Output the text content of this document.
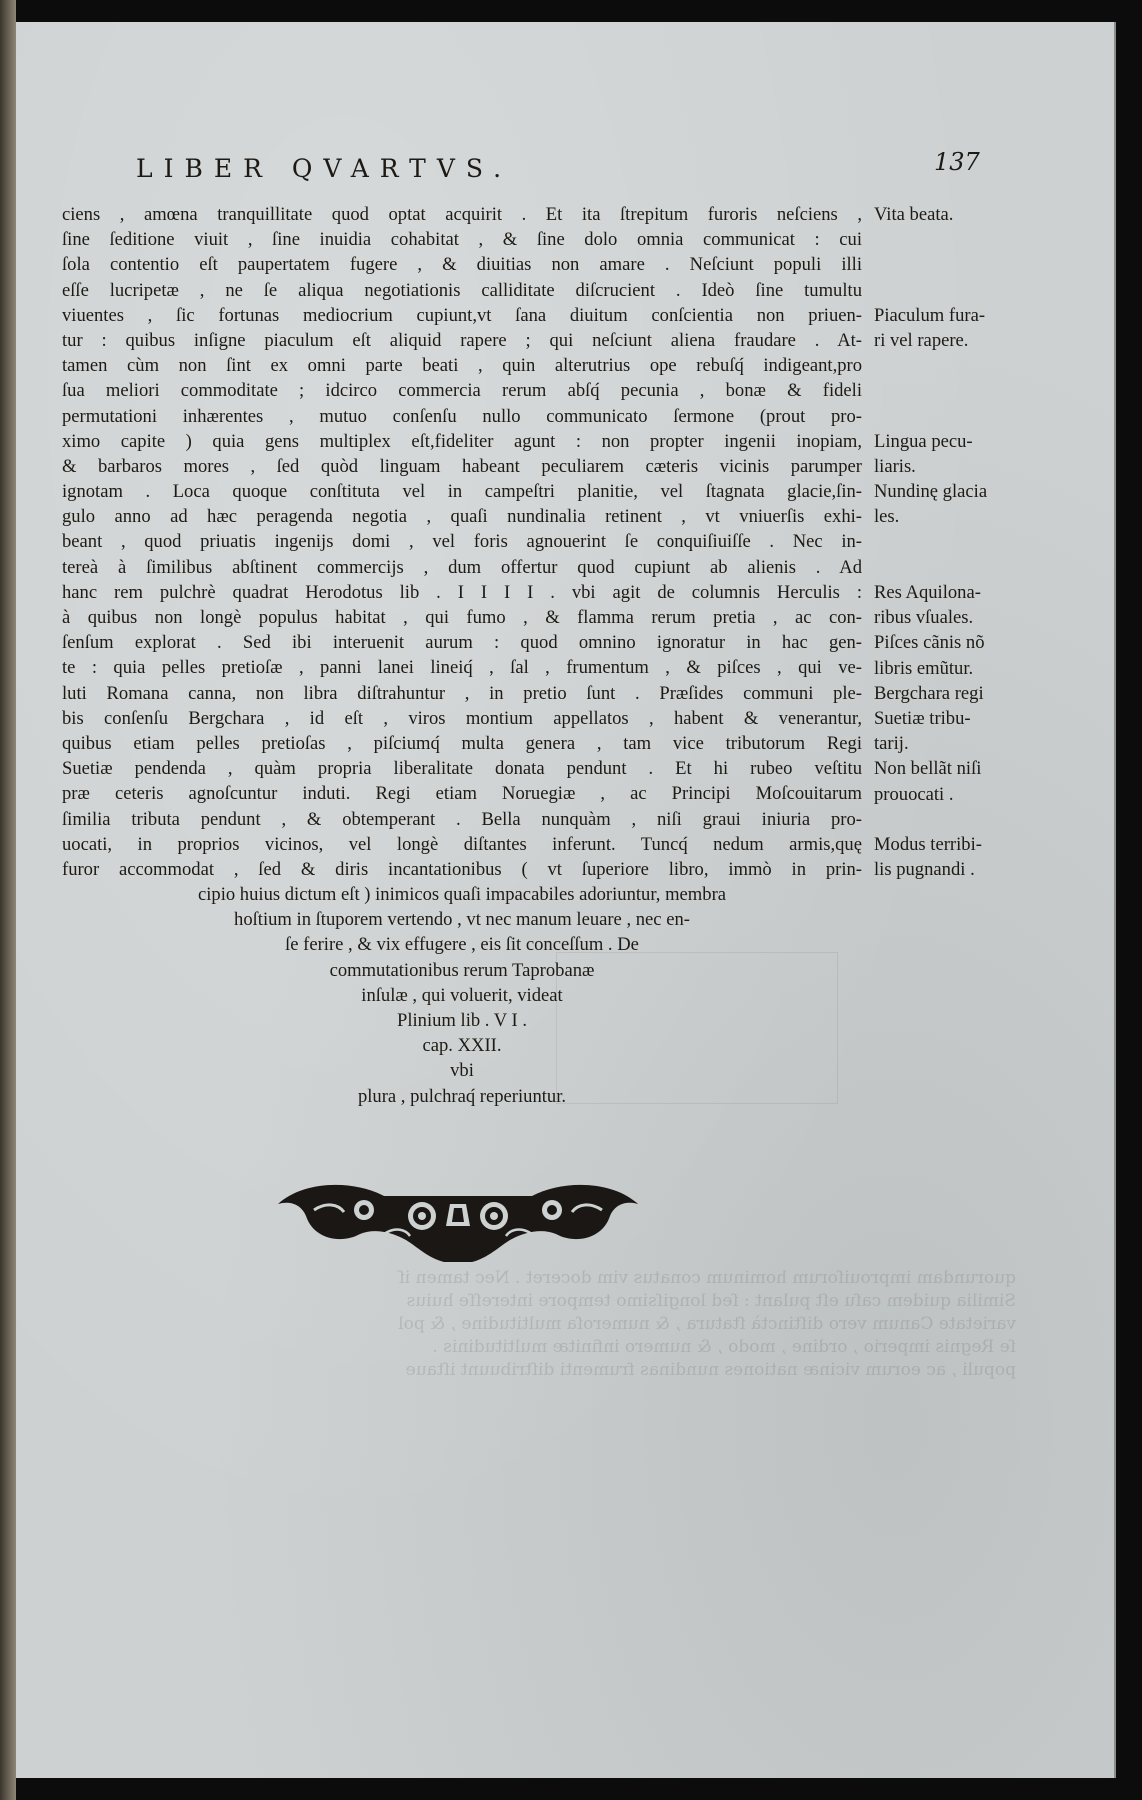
quorundam improuiſorum hominum conatus vim doceret . Nec tamen iſ
Similia quidem caſu eſt pulant : ſed longiſsimo tempore intereſſe huius
varietate Canum vero diſtinctà ſtatura , & numeroſa multitudine , & pol
ſe Regnis imperio , ordine , modo , & numero infinitæ multitudinis .
populi , ac eorum vicinæ nationes nundinas frumenti diſtribuunt iſtaue
LIBER QVARTVS.	137
ciens , amœna tranquillitate quod optat acquirit . Et ita ſtrepitum furoris neſciens ,
ſine ſeditione viuit , ſine inuidia cohabitat , & ſine dolo omnia communicat : cui
ſola contentio eſt paupertatem fugere , & diuitias non amare . Neſciunt populi illi
eſſe lucripetæ , ne ſe aliqua negotiationis calliditate diſcrucient . Ideò ſine tumultu
viuentes , ſic fortunas mediocrium cupiunt,vt ſana diuitum conſcientia non priuen-
tur : quibus inſigne piaculum eſt aliquid rapere ; qui neſciunt aliena fraudare . At-
tamen cùm non ſint ex omni parte beati , quin alterutrius ope rebuſq́ indigeant,pro
ſua meliori commoditate ; idcirco commercia rerum abſq́ pecunia , bonæ & fideli
permutationi inhærentes , mutuo conſenſu nullo communicato ſermone (prout pro-
ximo capite ) quia gens multiplex eſt,fideliter agunt : non propter ingenii inopiam,
& barbaros mores , ſed quòd linguam habeant peculiarem cæteris vicinis parumper
ignotam . Loca quoque conſtituta vel in campeſtri planitie, vel ſtagnata glacie,ſin-
gulo anno ad hæc peragenda negotia , quaſi nundinalia retinent , vt vniuerſis exhi-
beant , quod priuatis ingenijs domi , vel foris agnouerint ſe conquiſiuiſſe . Nec in-
tereà à ſimilibus abſtinent commercijs , dum offertur quod cupiunt ab alienis . Ad
hanc rem pulchrè quadrat Herodotus lib . I I I I . vbi agit de columnis Herculis :
à quibus non longè populus habitat , qui fumo , & flamma rerum pretia , ac con-
ſenſum explorat . Sed ibi interuenit aurum : quod omnino ignoratur in hac gen-
te : quia pelles pretioſæ , panni lanei lineiq́ , ſal , frumentum , & piſces , qui ve-
luti Romana canna, non libra diſtrahuntur , in pretio ſunt . Præſides communi ple-
bis conſenſu Bergchara , id eſt , viros montium appellatos , habent & venerantur,
quibus etiam pelles pretioſas , piſciumq́ multa genera , tam vice tributorum Regi
Suetiæ pendenda , quàm propria liberalitate donata pendunt . Et hi rubeo veſtitu
præ ceteris agnoſcuntur induti. Regi etiam Noruegiæ , ac Principi Moſcouitarum
ſimilia tributa pendunt , & obtemperant . Bella nunquàm , niſi graui iniuria pro-
uocati, in proprios vicinos, vel longè diſtantes inferunt. Tuncq́ nedum armis,quę
furor accommodat , ſed & diris incantationibus ( vt ſuperiore libro, immò in prin-
cipio huius dictum eſt ) inimicos quaſi impacabiles adoriuntur, membra
hoſtium in ſtuporem vertendo , vt nec manum leuare , nec en-
ſe ferire , & vix effugere , eis ſit conceſſum . De
commutationibus rerum Taprobanæ
inſulæ , qui voluerit, videat
Plinium lib . V I .
cap. XXII.
vbi
plura , pulchraq́ reperiuntur.
Vita beata.
Piaculum fura-
ri vel rapere.
Lingua pecu-
liaris.
Nundinę glacia
les.
Res Aquilona-
ribus vſuales.
Piſces cãnis nõ
libris emũtur.
Bergchara regi
Suetiæ tribu-
tarij.
Non bellãt niſi
prouocati .
Modus terribi-
lis pugnandi .
